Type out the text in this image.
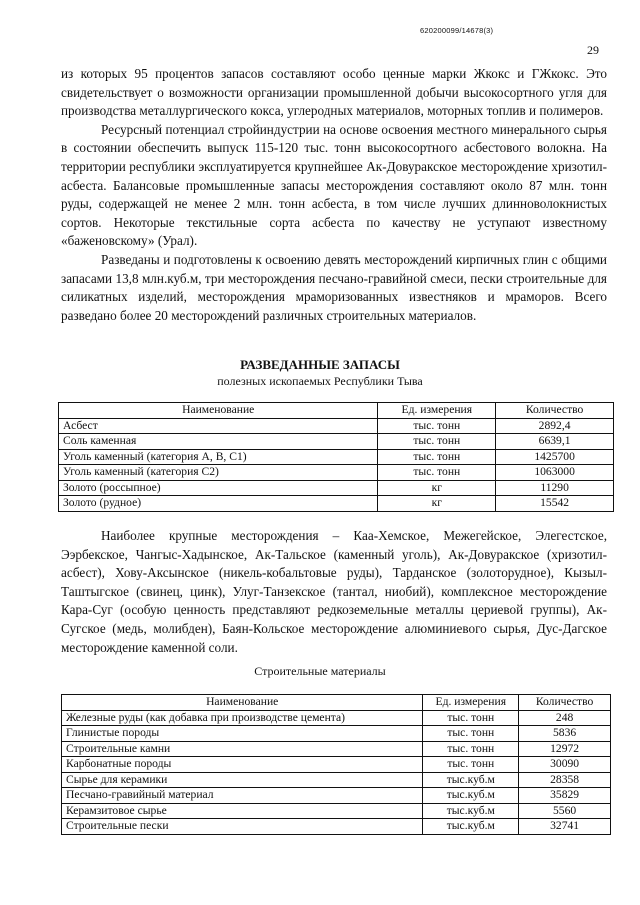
620200099/14678(3)
29

из которых 95 процентов запасов составляют особо ценные марки Жкокс и ГЖкокс. Это свидетельствует о возможности организации промышленной добычи высокосортного угля для производства металлургического кокса, углеродных материалов, моторных топлив и полимеров.

Ресурсный потенциал стройиндустрии на основе освоения местного минерального сырья в состоянии обеспечить выпуск 115-120 тыс. тонн высокосортного асбестового волокна. На территории республики эксплуатируется крупнейшее Ак-Довуракское месторождение хризотил-асбеста. Балансовые промышленные запасы месторождения составляют около 87 млн. тонн руды, содержащей не менее 2 млн. тонн асбеста, в том числе лучших длинноволокнистых сортов. Некоторые текстильные сорта асбеста по качеству не уступают известному «баженовскому» (Урал).

Разведаны и подготовлены к освоению девять месторождений кирпичных глин с общими запасами 13,8 млн.куб.м, три месторождения песчано-гравийной смеси, пески строительные для силикатных изделий, месторождения мраморизованных известняков и мраморов. Всего разведано более 20 месторождений различных строительных материалов.

РАЗВЕДАННЫЕ ЗАПАСЫ
полезных ископаемых Республики Тыва
Наименование	Ед. измерения	Количество
Асбест	тыс. тонн	2892,4
Соль каменная	тыс. тонн	6639,1
Уголь каменный (категория А, В, С1)	тыс. тонн	1425700
Уголь каменный (категория С2)	тыс. тонн	1063000
Золото (россыпное)	кг	11290
Золото (рудное)	кг	15542

Наиболее крупные месторождения – Каа-Хемское, Межегейское, Элегестское, Ээрбекское, Чангыс-Хадынское, Ак-Тальское (каменный уголь), Ак-Довуракское (хризотил-асбест), Хову-Аксынское (никель-кобальтовые руды), Тарданское (золоторудное), Кызыл-Таштыгское (свинец, цинк), Улуг-Танзекское (тантал, ниобий), комплексное месторождение Кара-Суг (особую ценность представляют редкоземельные металлы цериевой группы), Ак-Сугское (медь, молибден), Баян-Кольское месторождение алюминиевого сырья, Дус-Дагское месторождение каменной соли.

Строительные материалы
Наименование	Ед. измерения	Количество
Железные руды (как добавка при производстве цемента)	тыс. тонн	248
Глинистые породы	тыс. тонн	5836
Строительные камни	тыс. тонн	12972
Карбонатные породы	тыс. тонн	30090
Сырье для керамики	тыс.куб.м	28358
Песчано-гравийный материал	тыс.куб.м	35829
Керамзитовое сырье	тыс.куб.м	5560
Строительные пески	тыс.куб.м	32741
